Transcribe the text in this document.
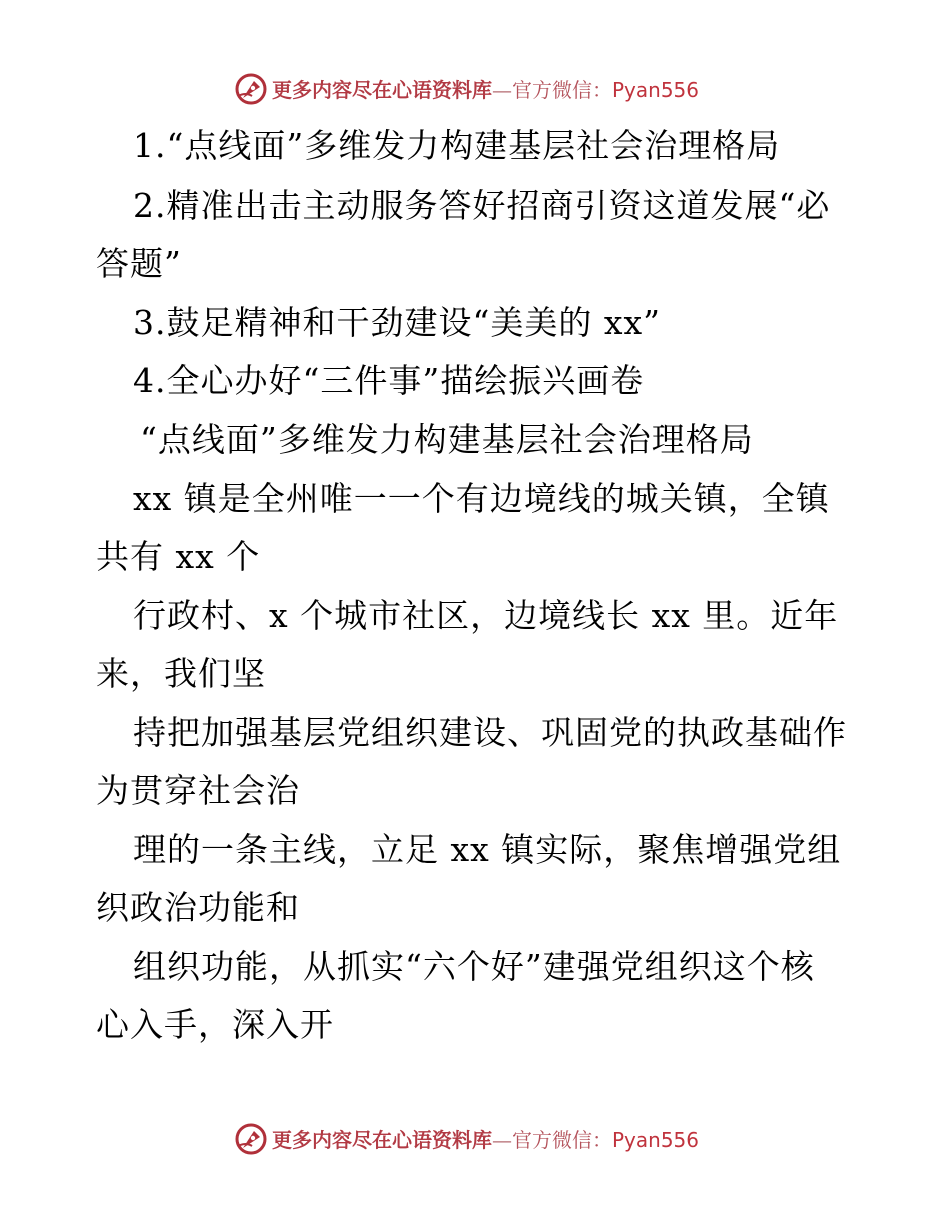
更多内容尽在心语资料库—官方微信：Pyan556
1.“点线面”多维发力构建基层社会治理格局
2.精准出击主动服务答好招商引资这道发展“必
答题”
3.鼓足精神和干劲建设“美美的 xx”
4.全心办好“三件事”描绘振兴画卷
“点线面”多维发力构建基层社会治理格局
xx 镇是全州唯一一个有边境线的城关镇，全镇
共有 xx 个
行政村、x 个城市社区，边境线长 xx 里。近年
来，我们坚
持把加强基层党组织建设、巩固党的执政基础作
为贯穿社会治
理的一条主线，立足 xx 镇实际，聚焦增强党组
织政治功能和
组织功能，从抓实“六个好”建强党组织这个核
心入手，深入开
更多内容尽在心语资料库—官方微信：Pyan556
